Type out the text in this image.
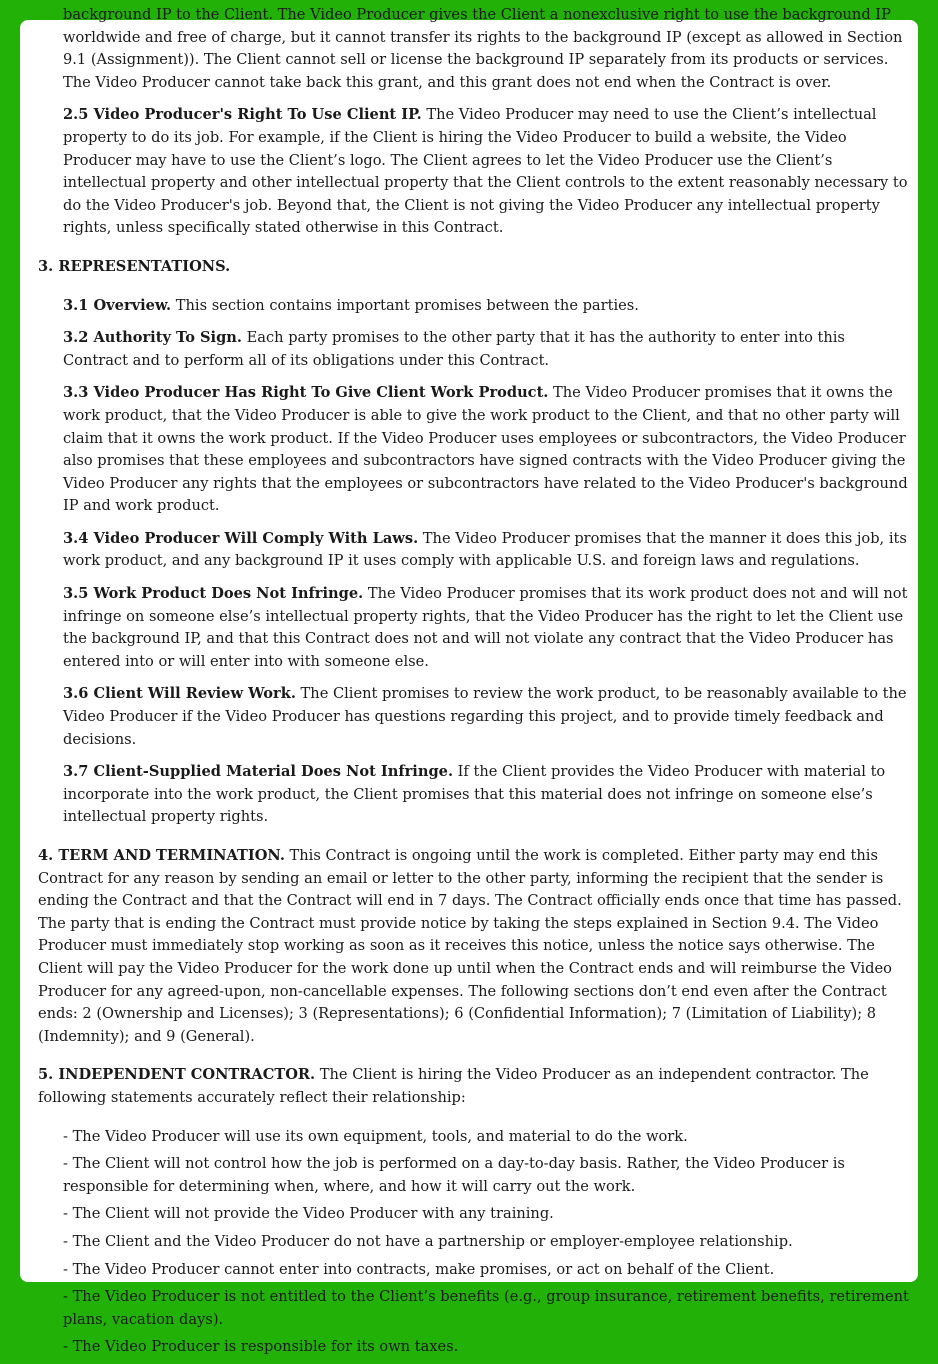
background IP to the Client. The Video Producer gives the Client a nonexclusive right to use the background IP worldwide and free of charge, but it cannot transfer its rights to the background IP (except as allowed in Section 9.1 (Assignment)). The Client cannot sell or license the background IP separately from its products or services. The Video Producer cannot take back this grant, and this grant does not end when the Contract is over.

2.5 Video Producer's Right To Use Client IP. The Video Producer may need to use the Client’s intellectual property to do its job. For example, if the Client is hiring the Video Producer to build a website, the Video Producer may have to use the Client’s logo. The Client agrees to let the Video Producer use the Client’s intellectual property and other intellectual property that the Client controls to the extent reasonably necessary to do the Video Producer's job. Beyond that, the Client is not giving the Video Producer any intellectual property rights, unless specifically stated otherwise in this Contract.

3. REPRESENTATIONS.

3.1 Overview. This section contains important promises between the parties.

3.2 Authority To Sign. Each party promises to the other party that it has the authority to enter into this Contract and to perform all of its obligations under this Contract.

3.3 Video Producer Has Right To Give Client Work Product. The Video Producer promises that it owns the work product, that the Video Producer is able to give the work product to the Client, and that no other party will claim that it owns the work product. If the Video Producer uses employees or subcontractors, the Video Producer also promises that these employees and subcontractors have signed contracts with the Video Producer giving the Video Producer any rights that the employees or subcontractors have related to the Video Producer's background IP and work product.

3.4 Video Producer Will Comply With Laws. The Video Producer promises that the manner it does this job, its work product, and any background IP it uses comply with applicable U.S. and foreign laws and regulations.

3.5 Work Product Does Not Infringe. The Video Producer promises that its work product does not and will not infringe on someone else’s intellectual property rights, that the Video Producer has the right to let the Client use the background IP, and that this Contract does not and will not violate any contract that the Video Producer has entered into or will enter into with someone else.

3.6 Client Will Review Work. The Client promises to review the work product, to be reasonably available to the Video Producer if the Video Producer has questions regarding this project, and to provide timely feedback and decisions.

3.7 Client-Supplied Material Does Not Infringe. If the Client provides the Video Producer with material to incorporate into the work product, the Client promises that this material does not infringe on someone else’s intellectual property rights.

4. TERM AND TERMINATION. This Contract is ongoing until the work is completed. Either party may end this Contract for any reason by sending an email or letter to the other party, informing the recipient that the sender is ending the Contract and that the Contract will end in 7 days. The Contract officially ends once that time has passed. The party that is ending the Contract must provide notice by taking the steps explained in Section 9.4. The Video Producer must immediately stop working as soon as it receives this notice, unless the notice says otherwise. The Client will pay the Video Producer for the work done up until when the Contract ends and will reimburse the Video Producer for any agreed-upon, non-cancellable expenses. The following sections don’t end even after the Contract ends: 2 (Ownership and Licenses); 3 (Representations); 6 (Confidential Information); 7 (Limitation of Liability); 8 (Indemnity); and 9 (General).

5. INDEPENDENT CONTRACTOR. The Client is hiring the Video Producer as an independent contractor. The following statements accurately reflect their relationship:

- The Video Producer will use its own equipment, tools, and material to do the work.
- The Client will not control how the job is performed on a day-to-day basis. Rather, the Video Producer is responsible for determining when, where, and how it will carry out the work.
- The Client will not provide the Video Producer with any training.
- The Client and the Video Producer do not have a partnership or employer-employee relationship.
- The Video Producer cannot enter into contracts, make promises, or act on behalf of the Client.
- The Video Producer is not entitled to the Client’s benefits (e.g., group insurance, retirement benefits, retirement plans, vacation days).
- The Video Producer is responsible for its own taxes.
